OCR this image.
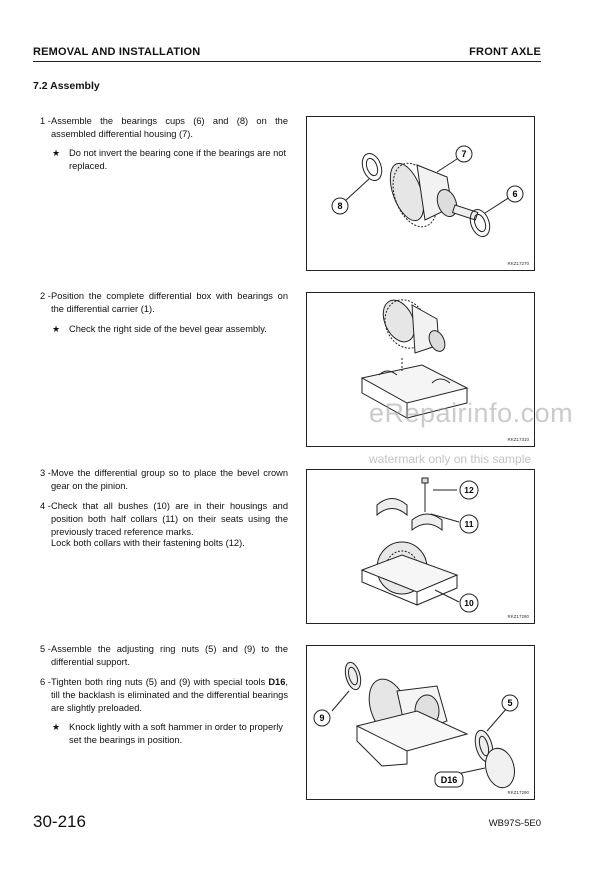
REMOVAL AND INSTALLATION	FRONT AXLE
7.2 Assembly
1 - Assemble the bearings cups (6) and (8) on the assembled differential housing (7).
★ Do not invert the bearing cone if the bearings are not replaced.
2 - Position the complete differential box with bearings on the differential carrier (1).
★ Check the right side of the bevel gear assembly.
3 - Move the differential group so to place the bevel crown gear on the pinion.
4 - Check that all bushes (10) are in their housings and position both half collars (11) on their seats using the previously traced reference marks.
Lock both collars with their fastening bolts (12).
5 - Assemble the adjusting ring nuts (5) and (9) to the differential support.
6 - Tighten both ring nuts (5) and (9) with special tools D16, till the backlash is eliminated and the differential bearings are slightly preloaded.
★ Knock lightly with a soft hammer in order to properly set the bearings in position.
7
6
8
RKZ17270
RKZ17310
12
11
10
RKZ17280
5
9
D16
RKZ17290
eRepairinfo.com
watermark only on this sample
30-216	WB97S-5E0
